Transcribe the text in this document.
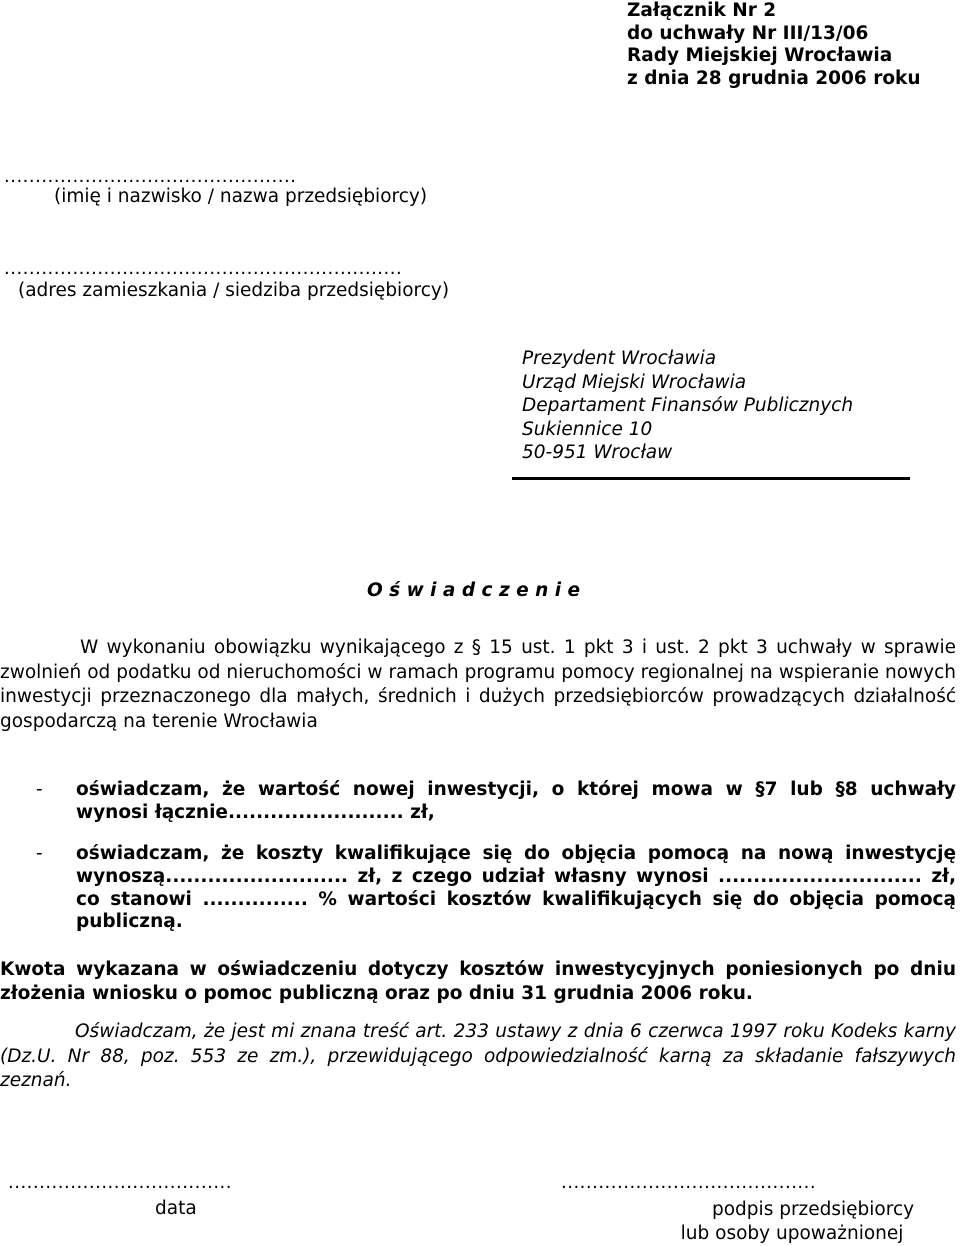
Załącznik Nr 2
do uchwały Nr III/13/06
Rady Miejskiej Wrocławia
z dnia 28 grudnia 2006 roku
...............................................
(imię i nazwisko / nazwa przedsiębiorcy)
................................................................
(adres zamieszkania / siedziba przedsiębiorcy)
Prezydent Wrocławia
Urząd Miejski Wrocławia
Departament Finansów Publicznych
Sukiennice 10
50-951 Wrocław
O ś w i a d c z e n i e
W wykonaniu obowiązku wynikającego z § 15 ust. 1 pkt 3 i ust. 2 pkt 3 uchwały w sprawie zwolnień od podatku od nieruchomości w ramach programu pomocy regionalnej na wspieranie nowych inwestycji przeznaczonego dla małych, średnich i dużych przedsiębiorców prowadzących działalność gospodarczą na terenie Wrocławia
- oświadczam, że wartość nowej inwestycji, o której mowa w §7 lub §8 uchwały wynosi łącznie......................... zł,
- oświadczam, że koszty kwalifikujące się do objęcia pomocą na nową inwestycję wynoszą.......................... zł, z czego udział własny wynosi ............................. zł, co stanowi ............... % wartości kosztów kwalifikujących się do objęcia pomocą publiczną.
Kwota wykazana w oświadczeniu dotyczy kosztów inwestycyjnych poniesionych po dniu złożenia wniosku o pomoc publiczną oraz po dniu 31 grudnia 2006 roku.
Oświadczam, że jest mi znana treść art. 233 ustawy z dnia 6 czerwca 1997 roku Kodeks karny (Dz.U. Nr 88, poz. 553 ze zm.), przewidującego odpowiedzialność karną za składanie fałszywych zeznań.
....................................	.........................................
data	podpis przedsiębiorcy
lub osoby upoważnionej
